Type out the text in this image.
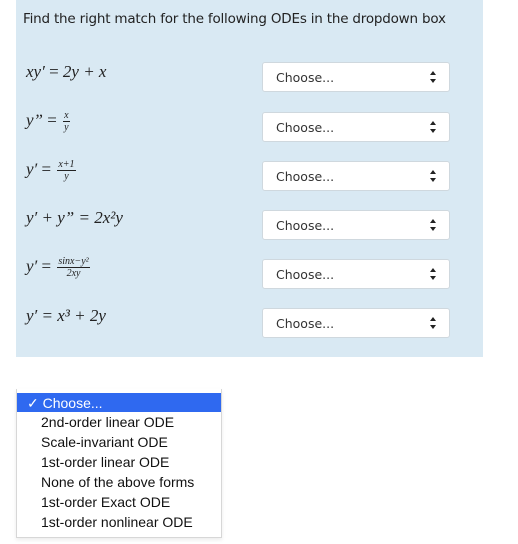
Find the right match for the following ODEs in the dropdown box
xy′ = 2y + x	Choose...
y” = $\frac{x}{y}$	Choose...
$y' = \frac{x+1}{y}$	Choose...
y′ + y” = 2x²y	Choose...
$y' = \frac{\text{sinx−y²}}{2xy}$	Choose...
y′ = x³ + 2y	Choose...
✓ Choose...
2nd-order linear ODE
Scale-invariant ODE
1st-order linear ODE
None of the above forms
1st-order Exact ODE
1st-order nonlinear ODE
